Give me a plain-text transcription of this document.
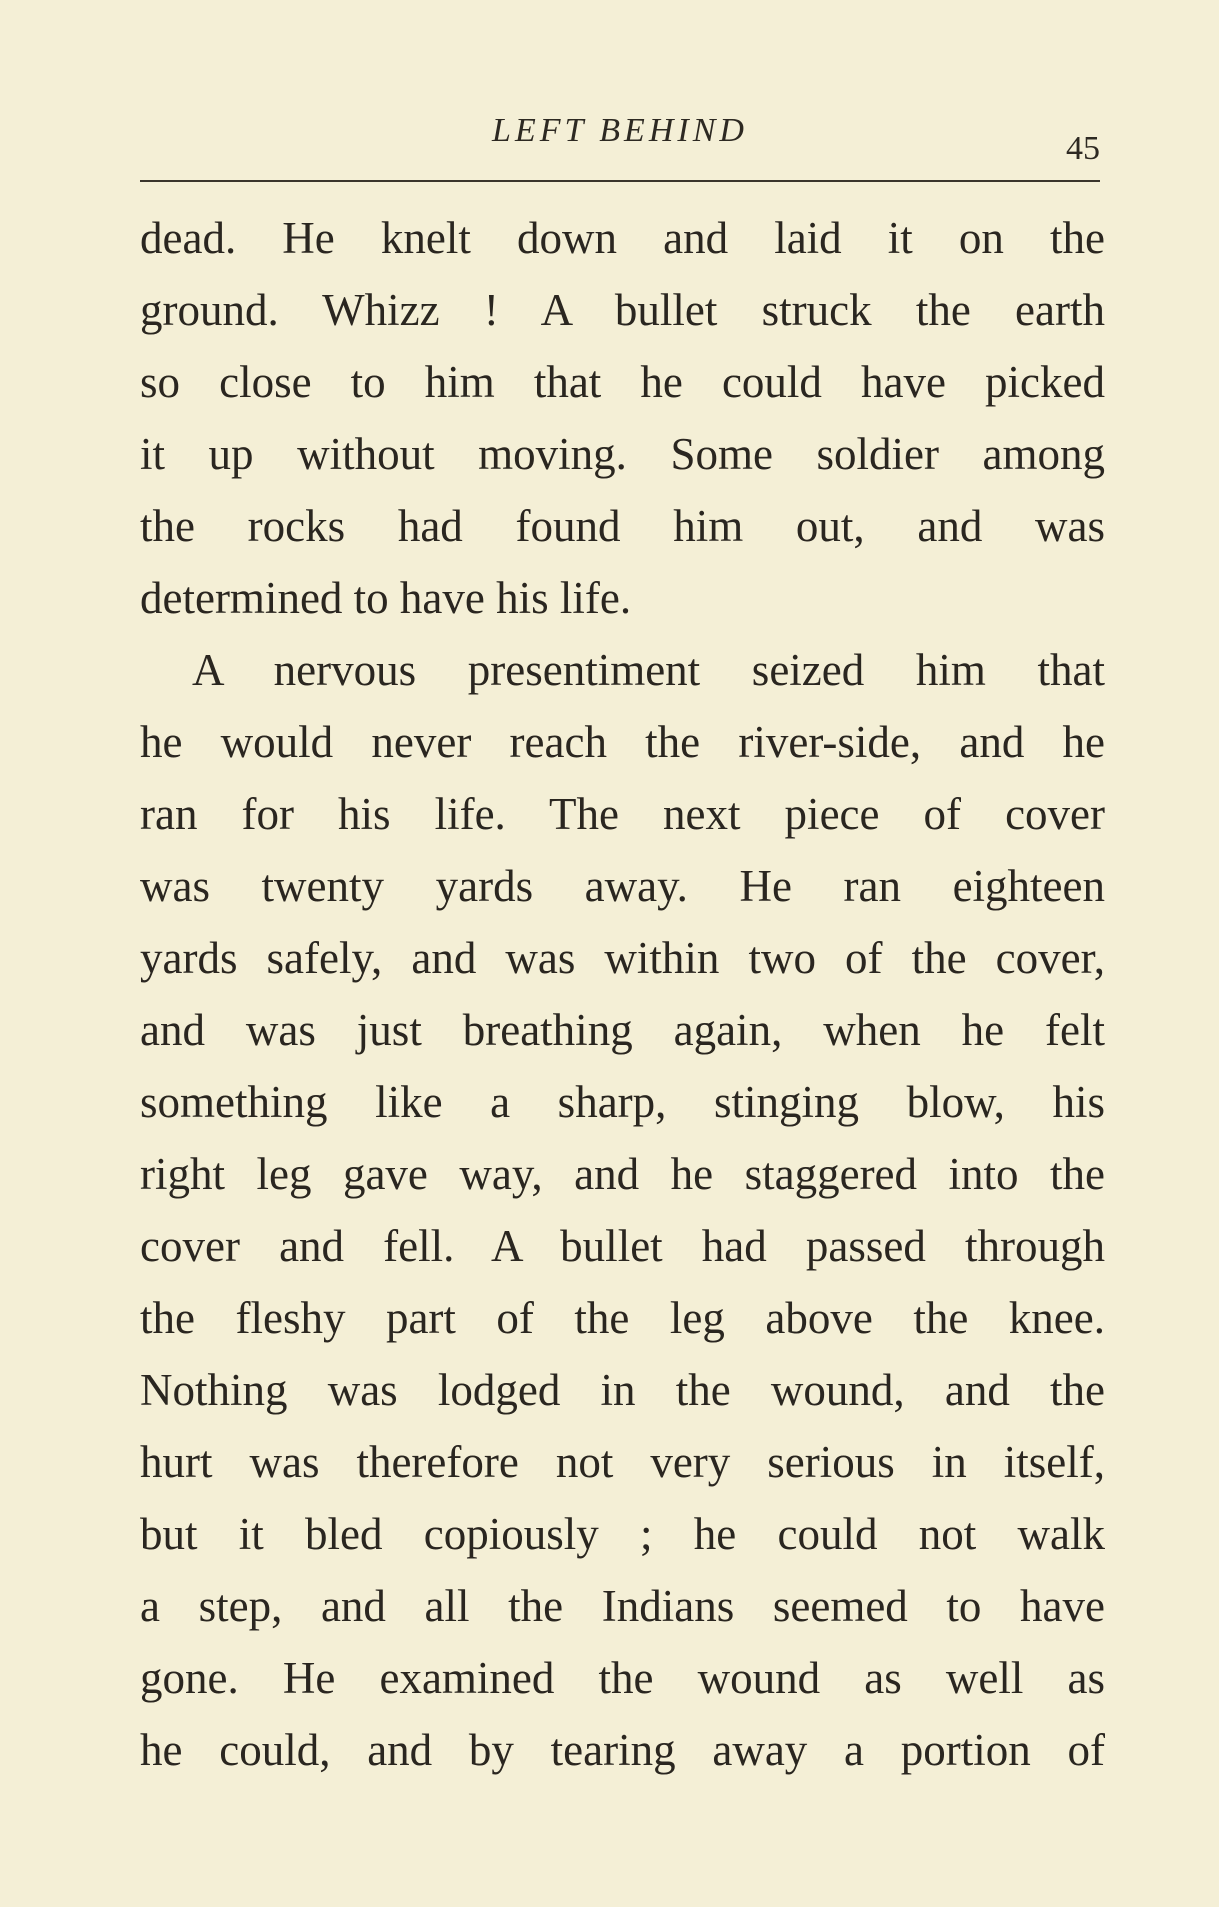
LEFT BEHIND	45
dead. He knelt down and laid it on the
ground. Whizz ! A bullet struck the earth
so close to him that he could have picked
it up without moving. Some soldier among
the rocks had found him out, and was
determined to have his life.
A nervous presentiment seized him that
he would never reach the river-side, and he
ran for his life. The next piece of cover
was twenty yards away. He ran eighteen
yards safely, and was within two of the cover,
and was just breathing again, when he felt
something like a sharp, stinging blow, his
right leg gave way, and he staggered into the
cover and fell. A bullet had passed through
the fleshy part of the leg above the knee.
Nothing was lodged in the wound, and the
hurt was therefore not very serious in itself,
but it bled copiously ; he could not walk
a step, and all the Indians seemed to have
gone. He examined the wound as well as
he could, and by tearing away a portion of
